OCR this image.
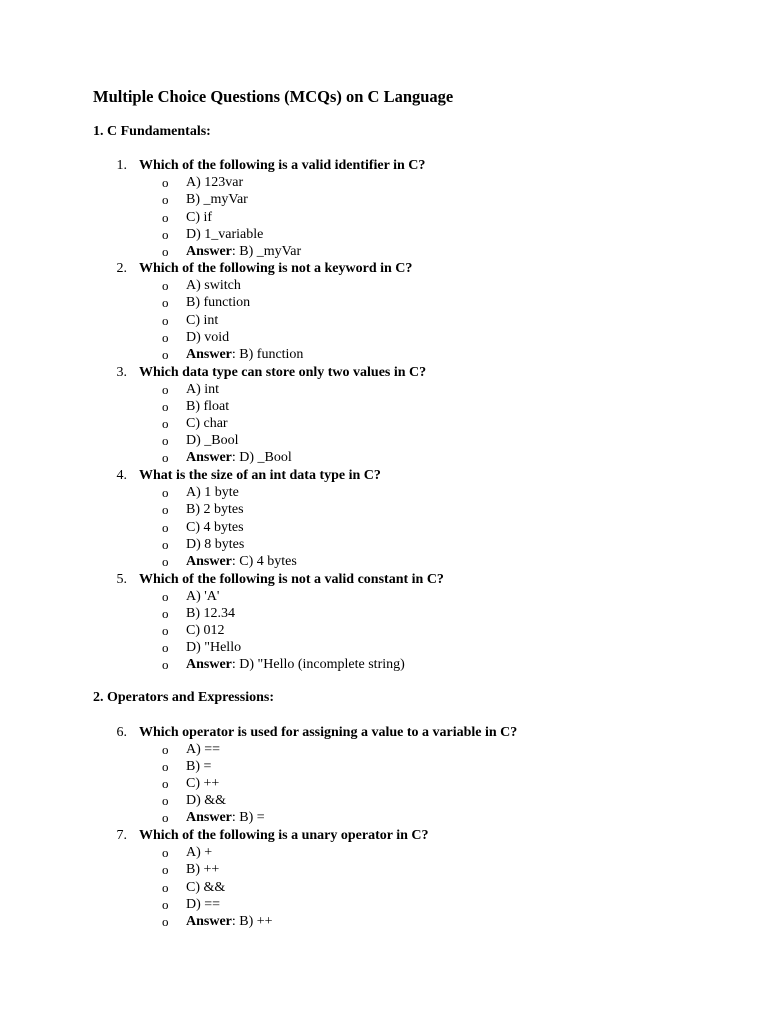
Multiple Choice Questions (MCQs) on C Language
1. C Fundamentals:
1. Which of the following is a valid identifier in C?
o A) 123var
o B) _myVar
o C) if
o D) 1_variable
o Answer: B) _myVar
2. Which of the following is not a keyword in C?
o A) switch
o B) function
o C) int
o D) void
o Answer: B) function
3. Which data type can store only two values in C?
o A) int
o B) float
o C) char
o D) _Bool
o Answer: D) _Bool
4. What is the size of an int data type in C?
o A) 1 byte
o B) 2 bytes
o C) 4 bytes
o D) 8 bytes
o Answer: C) 4 bytes
5. Which of the following is not a valid constant in C?
o A) 'A'
o B) 12.34
o C) 012
o D) "Hello
o Answer: D) "Hello (incomplete string)
2. Operators and Expressions:
6. Which operator is used for assigning a value to a variable in C?
o A) ==
o B) =
o C) ++
o D) &&
o Answer: B) =
7. Which of the following is a unary operator in C?
o A) +
o B) ++
o C) &&
o D) ==
o Answer: B) ++
